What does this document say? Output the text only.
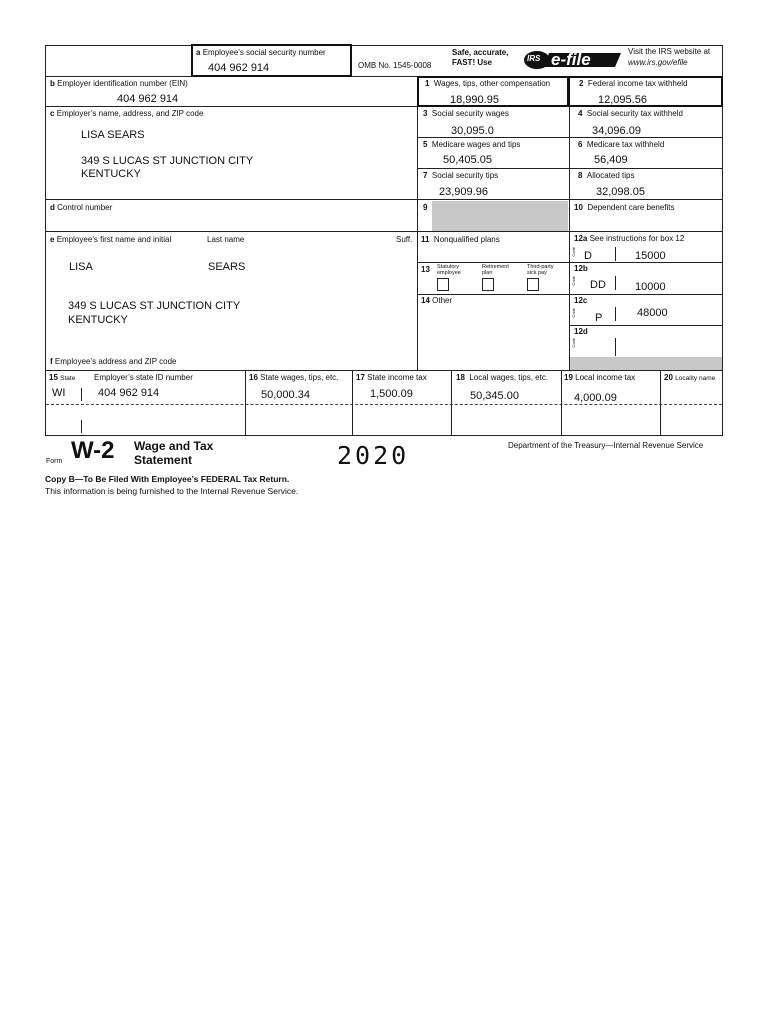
a Employee’s social security number
404 962 914	OMB No. 1545-0008
Safe, accurate,
FAST! Use	IRS e-file	Visit the IRS website at
www.irs.gov/efile
b Employer identification number (EIN)
404 962 914
c Employer’s name, address, and ZIP code
LISA SEARS
349 S LUCAS ST JUNCTION CITY
KENTUCKY
d Control number
e Employee’s first name and initial	Last name	Suff.
LISA	SEARS
349 S LUCAS ST JUNCTION CITY
KENTUCKY
f Employee’s address and ZIP code
1 Wages, tips, other compensation
18,990.95
3 Social security wages
30,095.0
5 Medicare wages and tips
50,405.05
7 Social security tips
23,909.96
9
11 Nonqualified plans
13 Statutory employee
Retirement plan
Third-party sick pay
14 Other
2 Federal income tax withheld
12,095.56
4 Social security tax withheld
34,096.09
6 Medicare tax withheld
56,409
8 Allocated tips
32,098.05
10 Dependent care benefits
12a See instructions for box 12
Code D	15000
12b
Code DD	10000
12c
Code P	48000
12d
Code
15 State Employer’s state ID number	16 State wages, tips, etc. 17 State income tax	18 Local wages, tips, etc. 19 Local income tax	20 Locality name
WI	404 962 914	50,000.34	1,500.09	50,345.00	4,000.09
Form W-2 Wage and Tax
Statement	2020	Department of the Treasury—Internal Revenue Service
Copy B—To Be Filed With Employee’s FEDERAL Tax Return.
This information is being furnished to the Internal Revenue Service.
